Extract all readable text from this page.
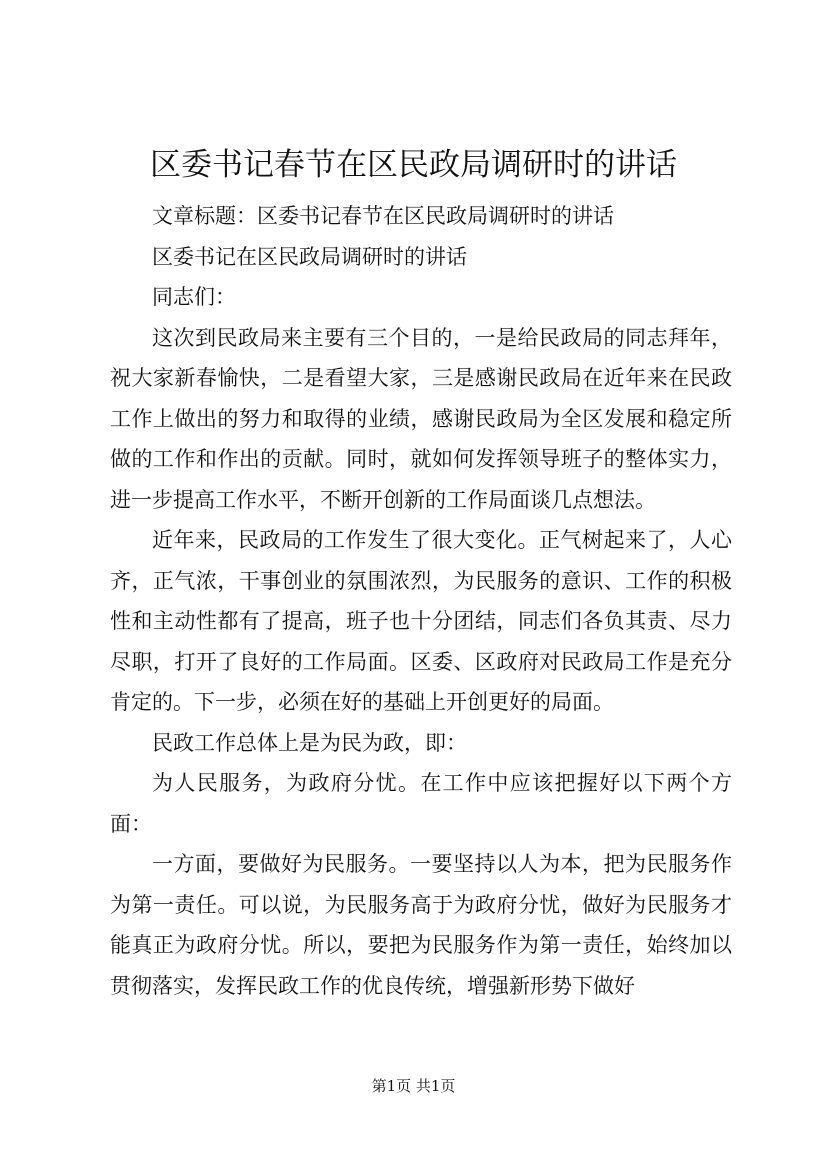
区委书记春节在区民政局调研时的讲话

文章标题：区委书记春节在区民政局调研时的讲话

区委书记在区民政局调研时的讲话

同志们：

这次到民政局来主要有三个目的，一是给民政局的同志拜年，祝大家新春愉快，二是看望大家，三是感谢民政局在近年来在民政工作上做出的努力和取得的业绩，感谢民政局为全区发展和稳定所做的工作和作出的贡献。同时，就如何发挥领导班子的整体实力，进一步提高工作水平，不断开创新的工作局面谈几点想法。

近年来，民政局的工作发生了很大变化。正气树起来了，人心齐，正气浓，干事创业的氛围浓烈，为民服务的意识、工作的积极性和主动性都有了提高，班子也十分团结，同志们各负其责、尽力尽职，打开了良好的工作局面。区委、区政府对民政局工作是充分肯定的。下一步，必须在好的基础上开创更好的局面。

民政工作总体上是为民为政，即：

为人民服务，为政府分忧。在工作中应该把握好以下两个方面：

一方面，要做好为民服务。一要坚持以人为本，把为民服务作为第一责任。可以说，为民服务高于为政府分忧，做好为民服务才能真正为政府分忧。所以，要把为民服务作为第一责任，始终加以贯彻落实，发挥民政工作的优良传统，增强新形势下做好

第1页 共1页
